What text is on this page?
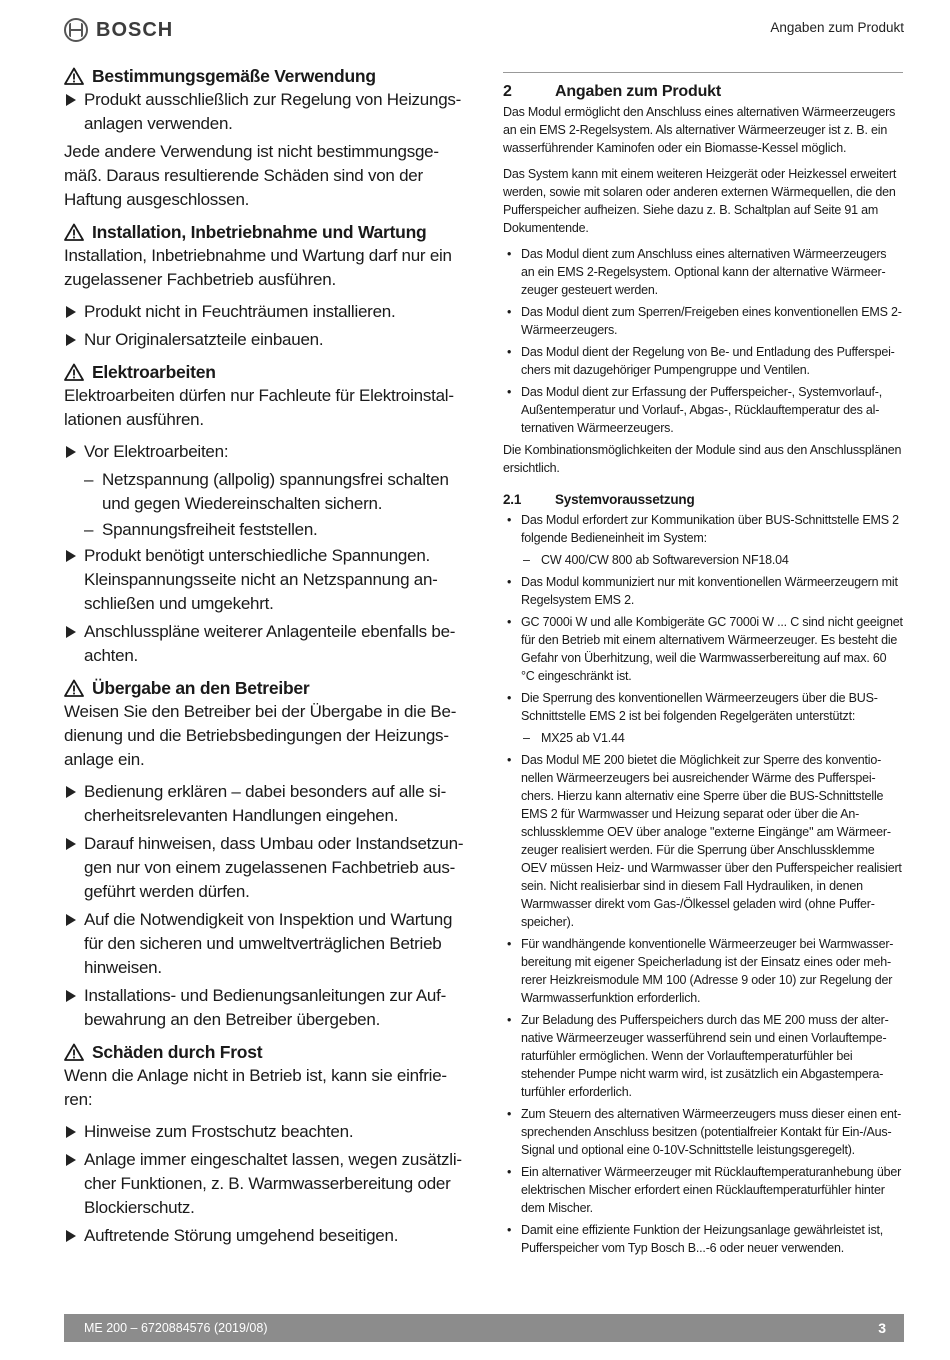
BOSCH	Angaben zum Produkt
Bestimmungsgemäße Verwendung
Produkt ausschließlich zur Regelung von Heizungsanlagen verwenden.

Jede andere Verwendung ist nicht bestimmungsgemäß. Daraus resultierende Schäden sind von der Haftung ausgeschlossen.

Installation, Inbetriebnahme und Wartung

Installation, Inbetriebnahme und Wartung darf nur ein zugelassener Fachbetrieb ausführen.

Produkt nicht in Feuchträumen installieren.
Nur Originalersatzteile einbauen.
Elektroarbeiten

Elektroarbeiten dürfen nur Fachleute für Elektroinstallationen ausführen.

Vor Elektroarbeiten:
– Netzspannung (allpolig) spannungsfrei schalten und gegen Wiedereinschalten sichern.
– Spannungsfreiheit feststellen.
Produkt benötigt unterschiedliche Spannungen. Kleinspannungsseite nicht an Netzspannung anschließen und umgekehrt.
Anschlusspläne weiterer Anlagenteile ebenfalls beachten.
Übergabe an den Betreiber

Weisen Sie den Betreiber bei der Übergabe in die Bedienung und die Betriebsbedingungen der Heizungsanlage ein.

Bedienung erklären – dabei besonders auf alle sicherheitsrelevanten Handlungen eingehen.
Darauf hinweisen, dass Umbau oder Instandsetzungen nur von einem zugelassenen Fachbetrieb ausgeführt werden dürfen.
Auf die Notwendigkeit von Inspektion und Wartung für den sicheren und umweltverträglichen Betrieb hinweisen.
Installations- und Bedienungsanleitungen zur Aufbewahrung an den Betreiber übergeben.
Schäden durch Frost

Wenn die Anlage nicht in Betrieb ist, kann sie einfrieren:

Hinweise zum Frostschutz beachten.
Anlage immer eingeschaltet lassen, wegen zusätzlicher Funktionen, z. B. Warmwasserbereitung oder Blockierschutz.
Auftretende Störung umgehend beseitigen.
2	Angaben zum Produkt

Das Modul ermöglicht den Anschluss eines alternativen Wärmeerzeugers an ein EMS 2-Regelsystem. Als alternativer Wärmeerzeuger ist z. B. ein wasserführender Kaminofen oder ein Biomasse-Kessel möglich.

Das System kann mit einem weiteren Heizgerät oder Heizkessel erweitert werden, sowie mit solaren oder anderen externen Wärmequellen, die den Pufferspeicher aufheizen. Siehe dazu z. B. Schaltplan auf Seite 91 am Dokumentende.

• Das Modul dient zum Anschluss eines alternativen Wärmeerzeugers an ein EMS 2-Regelsystem. Optional kann der alternative Wärmeerzeuger gesteuert werden.
• Das Modul dient zum Sperren/Freigeben eines konventionellen EMS 2-Wärmeerzeugers.
• Das Modul dient der Regelung von Be- und Entladung des Pufferspeichers mit dazugehöriger Pumpengruppe und Ventilen.
• Das Modul dient zur Erfassung der Pufferspeicher-, Systemvorlauf-, Außentemperatur und Vorlauf-, Abgas-, Rücklauftemperatur des alternativen Wärmeerzeugers.

Die Kombinationsmöglichkeiten der Module sind aus den Anschlussplänen ersichtlich.

2.1	Systemvoraussetzung
• Das Modul erfordert zur Kommunikation über BUS-Schnittstelle EMS 2 folgende Bedieneinheit im System:
– CW 400/CW 800 ab Softwareversion NF18.04
• Das Modul kommuniziert nur mit konventionellen Wärmeerzeugern mit Regelsystem EMS 2.
• GC 7000i W und alle Kombigeräte GC 7000i W ... C sind nicht geeignet für den Betrieb mit einem alternativem Wärmeerzeuger. Es besteht die Gefahr von Überhitzung, weil die Warmwasserbereitung auf max. 60 °C eingeschränkt ist.
• Die Sperrung des konventionellen Wärmeerzeugers über die BUS-Schnittstelle EMS 2 ist bei folgenden Regelgeräten unterstützt:
– MX25 ab V1.44
• Das Modul ME 200 bietet die Möglichkeit zur Sperre des konventionellen Wärmeerzeugers bei ausreichender Wärme des Pufferspeichers. Hierzu kann alternativ eine Sperre über die BUS-Schnittstelle EMS 2 für Warmwasser und Heizung separat oder über die Anschlussklemme OEV über analoge "externe Eingänge" am Wärmeerzeuger realisiert werden. Für die Sperrung über Anschlussklemme OEV müssen Heiz- und Warmwasser über den Pufferspeicher realisiert sein. Nicht realisierbar sind in diesem Fall Hydrauliken, in denen Warmwasser direkt vom Gas-/Ölkessel geladen wird (ohne Pufferspeicher).
• Für wandhängende konventionelle Wärmeerzeuger bei Warmwasserbereitung mit eigener Speicherladung ist der Einsatz eines oder mehrerer Heizkreismodule MM 100 (Adresse 9 oder 10) zur Regelung der Warmwasserfunktion erforderlich.
• Zur Beladung des Pufferspeichers durch das ME 200 muss der alternative Wärmeerzeuger wasserführend sein und einen Vorlauftemperaturfühler ermöglichen. Wenn der Vorlauftemperaturfühler bei stehender Pumpe nicht warm wird, ist zusätzlich ein Abgastemperaturfühler erforderlich.
• Zum Steuern des alternativen Wärmeerzeugers muss dieser einen entsprechenden Anschluss besitzen (potentialfreier Kontakt für Ein-/Aus-Signal und optional eine 0-10V-Schnittstelle leistungsgeregelt).
• Ein alternativer Wärmeerzeuger mit Rücklauftemperaturanhebung über elektrischen Mischer erfordert einen Rücklauftemperaturfühler hinter dem Mischer.
• Damit eine effiziente Funktion der Heizungsanlage gewährleistet ist, Pufferspeicher vom Typ Bosch B...-6 oder neuer verwenden.
ME 200 – 6720884576 (2019/08)	3
